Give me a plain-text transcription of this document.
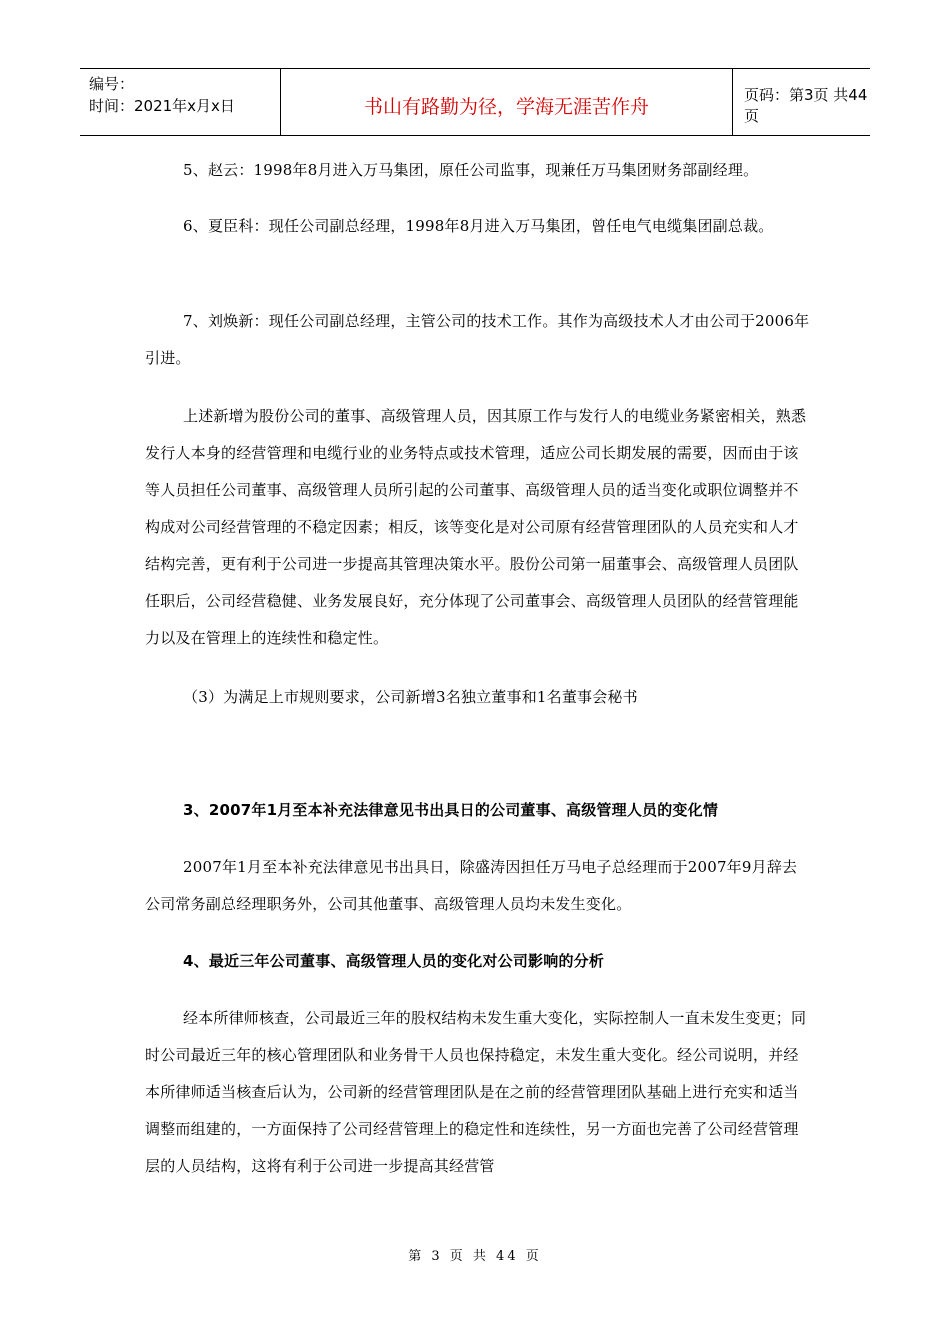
编号：
时间：2021年x月x日	书山有路勤为径，学海无涯苦作舟
页码：第3页 共44页

5、赵云：1998年8月进入万马集团，原任公司监事，现兼任万马集团财务部副经理。

6、夏臣科：现任公司副总经理，1998年8月进入万马集团，曾任电气电缆集团副总裁。

7、刘焕新：现任公司副总经理，主管公司的技术工作。其作为高级技术人才由公司于2006年引进。

上述新增为股份公司的董事、高级管理人员，因其原工作与发行人的电缆业务紧密相关，熟悉发行人本身的经营管理和电缆行业的业务特点或技术管理，适应公司长期发展的需要，因而由于该等人员担任公司董事、高级管理人员所引起的公司董事、高级管理人员的适当变化或职位调整并不构成对公司经营管理的不稳定因素；相反，该等变化是对公司原有经营管理团队的人员充实和人才结构完善，更有利于公司进一步提高其管理决策水平。股份公司第一届董事会、高级管理人员团队任职后，公司经营稳健、业务发展良好，充分体现了公司董事会、高级管理人员团队的经营管理能力以及在管理上的连续性和稳定性。

（3）为满足上市规则要求，公司新增3名独立董事和1名董事会秘书

3、2007年1月至本补充法律意见书出具日的公司董事、高级管理人员的变化情

2007年1月至本补充法律意见书出具日，除盛涛因担任万马电子总经理而于2007年9月辞去公司常务副总经理职务外，公司其他董事、高级管理人员均未发生变化。

4、最近三年公司董事、高级管理人员的变化对公司影响的分析

经本所律师核查，公司最近三年的股权结构未发生重大变化，实际控制人一直未发生变更；同时公司最近三年的核心管理团队和业务骨干人员也保持稳定，未发生重大变化。经公司说明，并经本所律师适当核查后认为，公司新的经营管理团队是在之前的经营管理团队基础上进行充实和适当调整而组建的，一方面保持了公司经营管理上的稳定性和连续性，另一方面也完善了公司经营管理层的人员结构，这将有利于公司进一步提高其经营管

第 3 页 共 44 页
